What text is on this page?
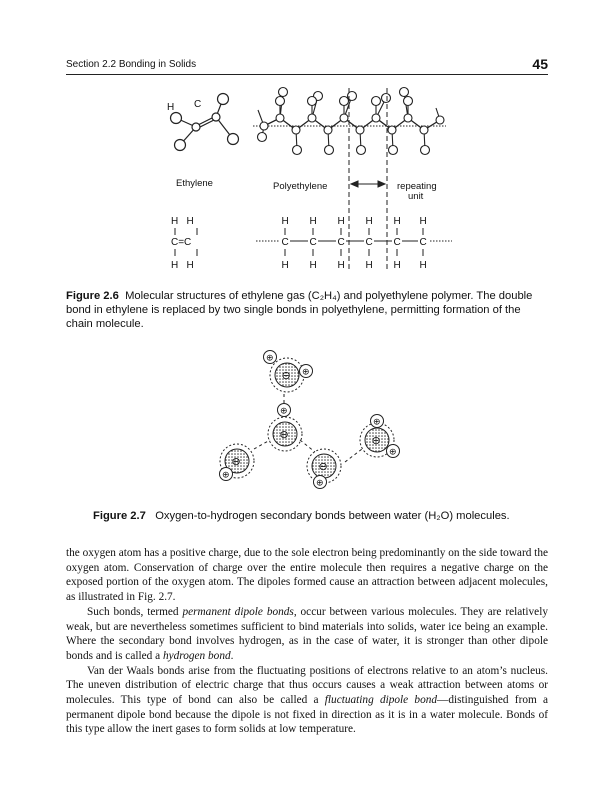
Section 2.2 Bonding in Solids	45
H C
Ethylene	Polyethylene	repeating
unit
H   H
C=C
H   H
H
C
H
H
C
H
H
C
H
H
C
H
H
C
H
H
C
H
⊖
⊕
⊕
⊖
⊕
⊖
⊕
⊖
⊕
⊖
⊕
⊕
Figure 2.6 Molecular structures of ethylene gas (C₂H₄) and polyethylene polymer. The double bond in ethylene is replaced by two single bonds in polyethylene, permitting formation of the chain molecule.
Figure 2.7 Oxygen-to-hydrogen secondary bonds between water (H₂O) molecules.

the oxygen atom has a positive charge, due to the sole electron being predominantly on the side toward the oxygen atom. Conservation of charge over the entire molecule then requires a negative charge on the exposed portion of the oxygen atom. The dipoles formed cause an attraction between adjacent molecules, as illustrated in Fig. 2.7.

Such bonds, termed permanent dipole bonds, occur between various molecules. They are relatively weak, but are nevertheless sometimes sufficient to bind materials into solids, water ice being an example. Where the secondary bond involves hydrogen, as in the case of water, it is stronger than other dipole bonds and is called a hydrogen bond.

Van der Waals bonds arise from the fluctuating positions of electrons relative to an atom’s nucleus. The uneven distribution of electric charge that thus occurs causes a weak attraction between atoms or molecules. This type of bond can also be called a fluctuating dipole bond—distinguished from a permanent dipole bond because the dipole is not fixed in direction as it is in a water molecule. Bonds of this type allow the inert gases to form solids at low temperature.
